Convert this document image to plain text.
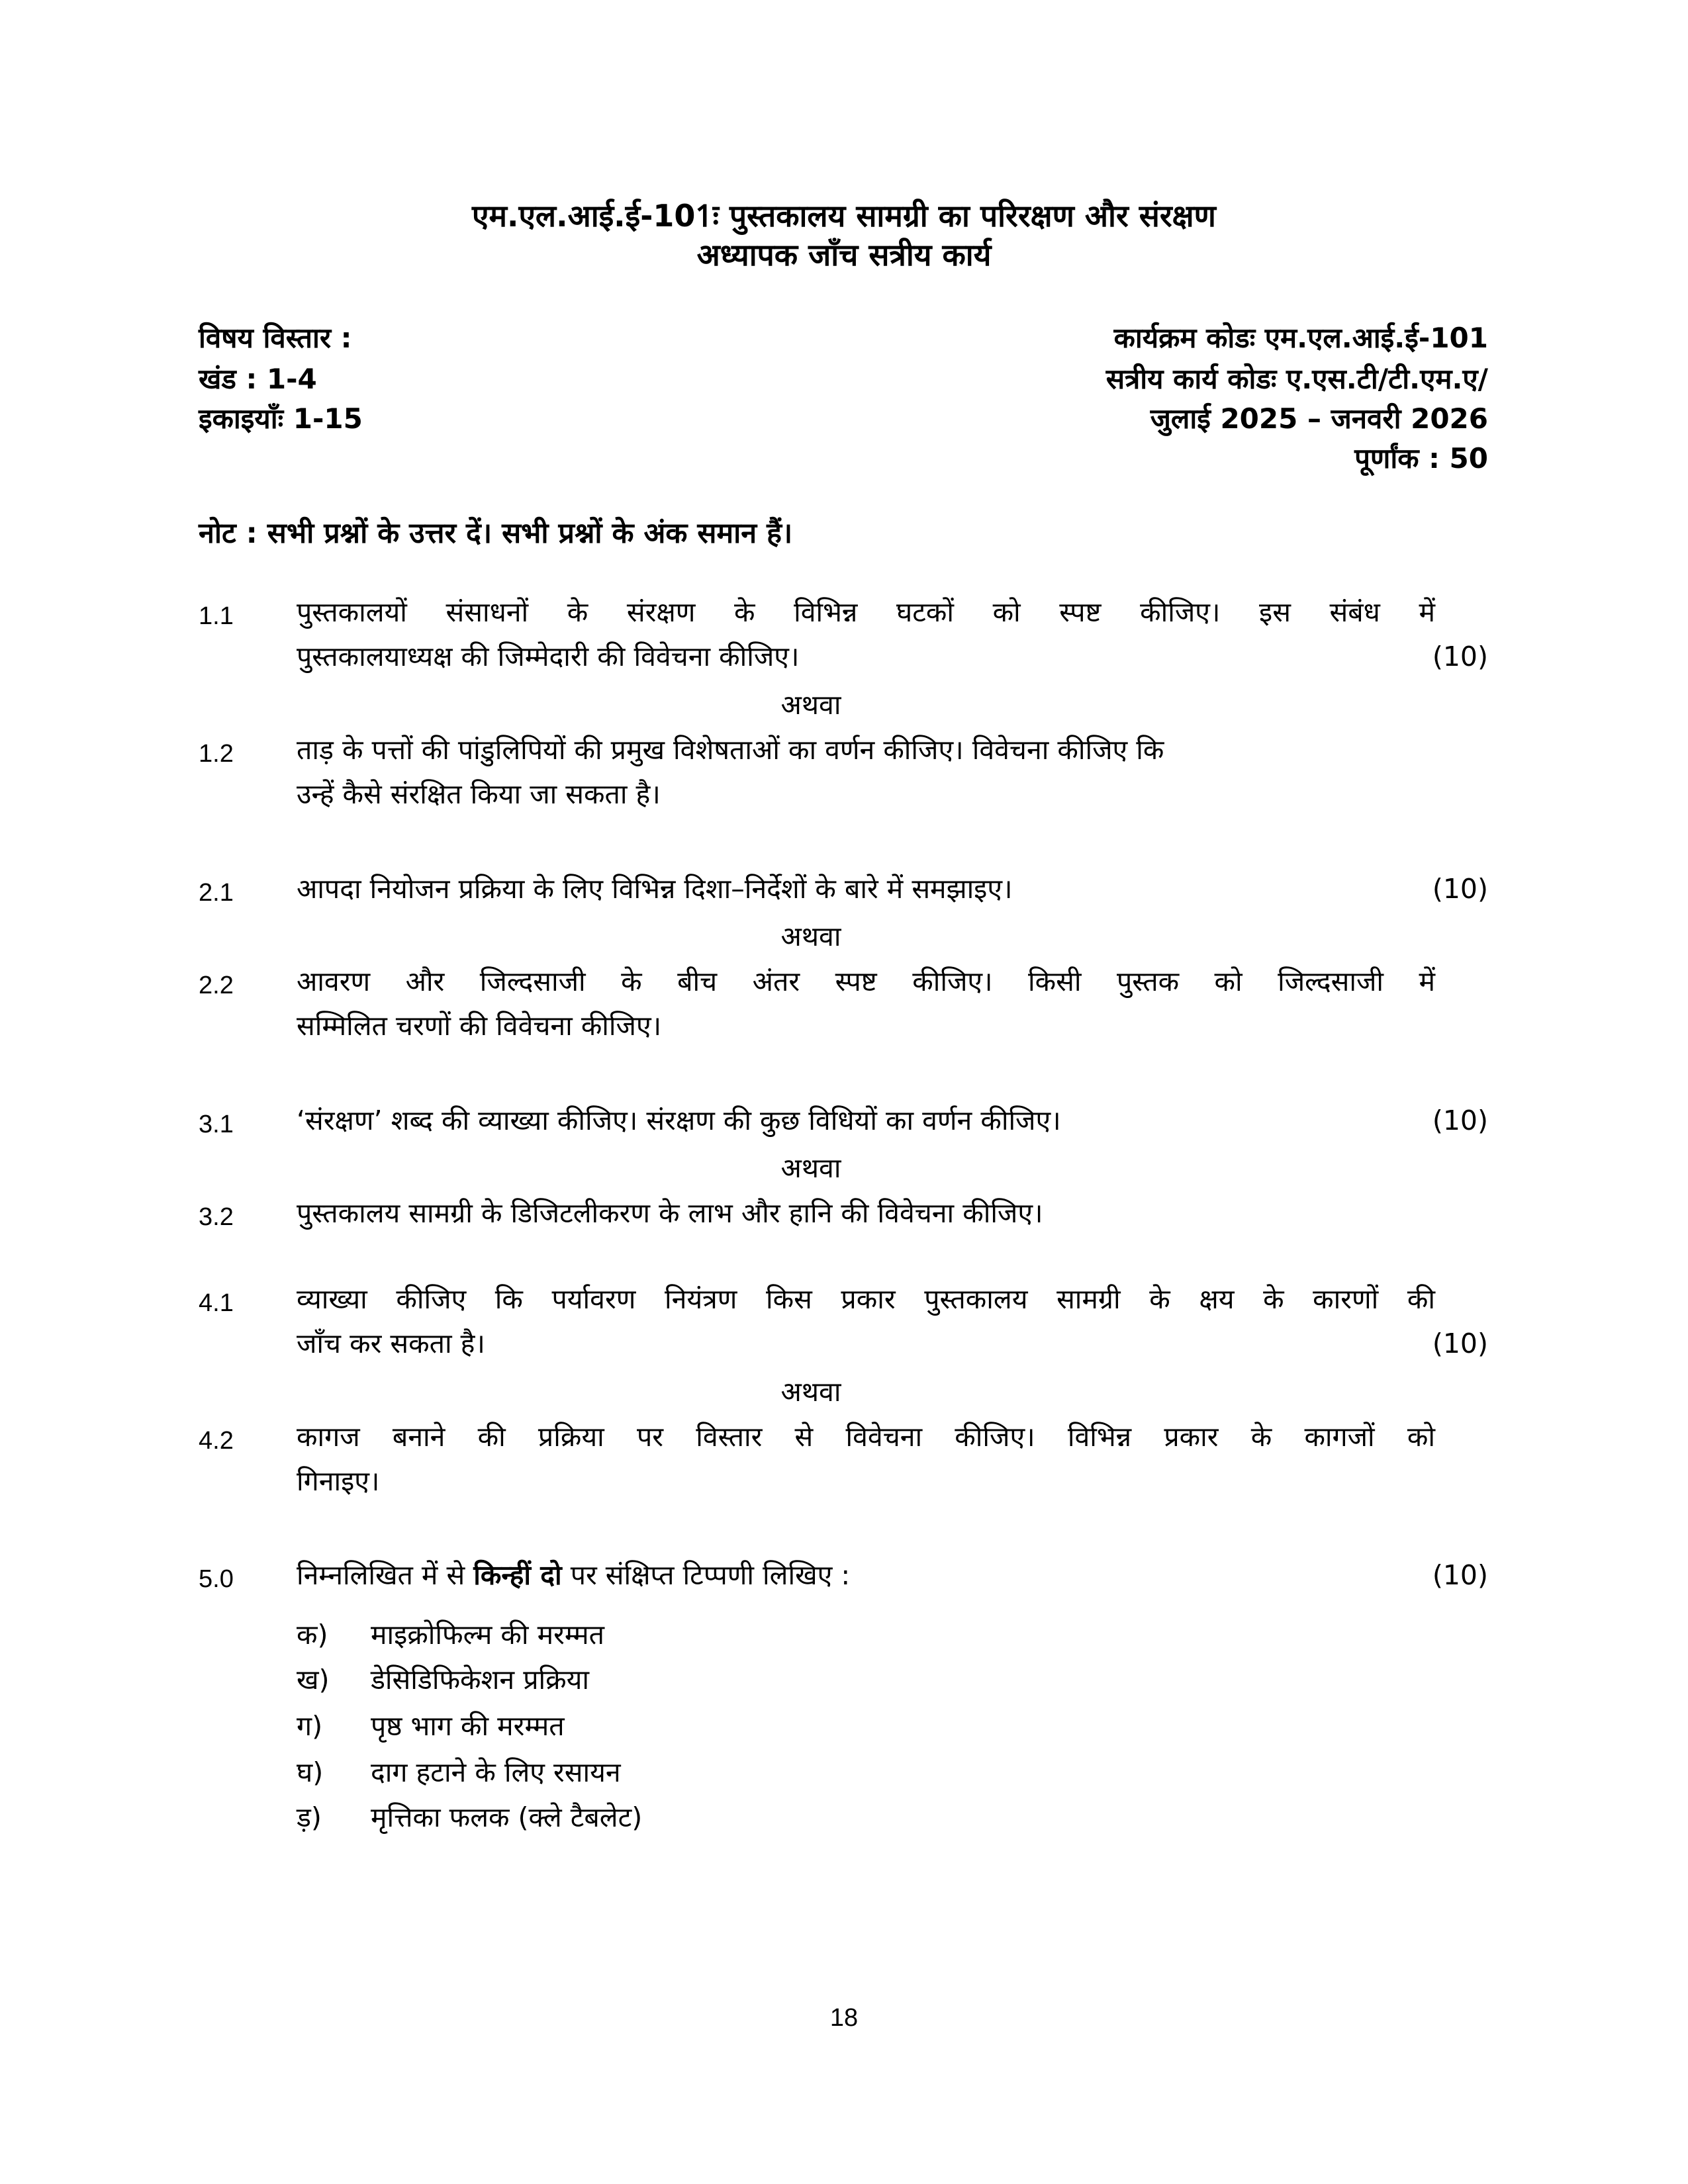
एम.एल.आई.ई-101ः पुस्तकालय सामग्री का परिरक्षण और संरक्षण
अध्यापक जाँच सत्रीय कार्य
विषय विस्तार :
खंड : 1-4
इकाइयाँः 1-15
कार्यक्रम कोडः एम.एल.आई.ई-101
सत्रीय कार्य कोडः ए.एस.टी/टी.एम.ए/
जुलाई 2025 – जनवरी 2026
पूर्णांक : 50
नोट : सभी प्रश्नों के उत्तर दें। सभी प्रश्नों के अंक समान हैं।
1.1 पुस्तकालयों संसाधनों के संरक्षण के विभिन्न घटकों को स्पष्ट कीजिए। इस संबंध में
पुस्तकालयाध्यक्ष की जिम्मेदारी की विवेचना कीजिए।	(10)
अथवा
1.2 ताड़ के पत्तों की पांडुलिपियों की प्रमुख विशेषताओं का वर्णन कीजिए। विवेचना कीजिए कि
उन्हें कैसे संरक्षित किया जा सकता है।
2.1 आपदा नियोजन प्रक्रिया के लिए विभिन्न दिशा–निर्देशों के बारे में समझाइए।	(10)
अथवा
2.2 आवरण और जिल्दसाजी के बीच अंतर स्पष्ट कीजिए। किसी पुस्तक को जिल्दसाजी में
सम्मिलित चरणों की विवेचना कीजिए।
3.1 ‘संरक्षण’ शब्द की व्याख्या कीजिए। संरक्षण की कुछ विधियों का वर्णन कीजिए।	(10)
अथवा
3.2 पुस्तकालय सामग्री के डिजिटलीकरण के लाभ और हानि की विवेचना कीजिए।
4.1 व्याख्या कीजिए कि पर्यावरण नियंत्रण किस प्रकार पुस्तकालय सामग्री के क्षय के कारणों की
जाँच कर सकता है।	(10)
अथवा
4.2 कागज बनाने की प्रक्रिया पर विस्तार से विवेचना कीजिए। विभिन्न प्रकार के कागजों को
गिनाइए।
5.0 निम्नलिखित में से किन्हीं दो पर संक्षिप्त टिप्पणी लिखिए :	(10)
क) माइक्रोफिल्म की मरम्मत
ख) डेसिडिफिकेशन प्रक्रिया
ग) पृष्ठ भाग की मरम्मत
घ) दाग हटाने के लिए रसायन
ड़) मृत्तिका फलक (क्ले टैबलेट)
18
